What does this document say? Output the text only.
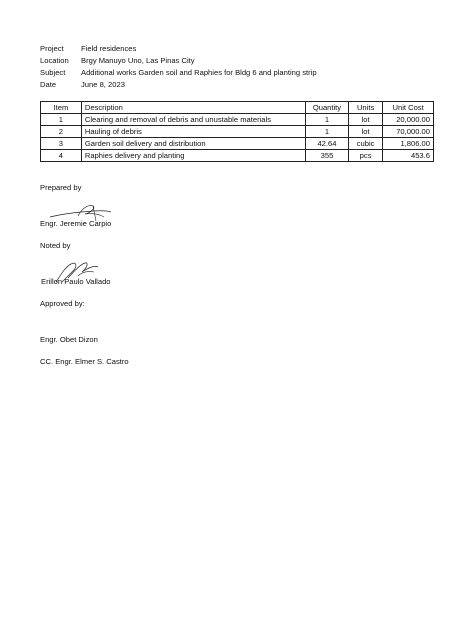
Project	Field residences
Location	Brgy Manuyo Uno, Las Pinas City
Subject	Additional works Garden soil and Raphies for Bldg 6 and planting strip
Date	June 8, 2023
Item	Description	Quantity	Units	Unit Cost
1	Clearing and removal of debris and unustable materials	1	lot	20,000.00
2	Hauling of debris	1	lot	70,000.00
3	Garden soil delivery and distribution	42.64	cubic	1,806.00
4	Raphies delivery and planting	355	pcs	453.6
Prepared by
Engr. Jeremie Carpio
Noted by
Erillon Paulo Vallado
Approved by:
Engr. Obet Dizon
CC. Engr. Elmer S. Castro
